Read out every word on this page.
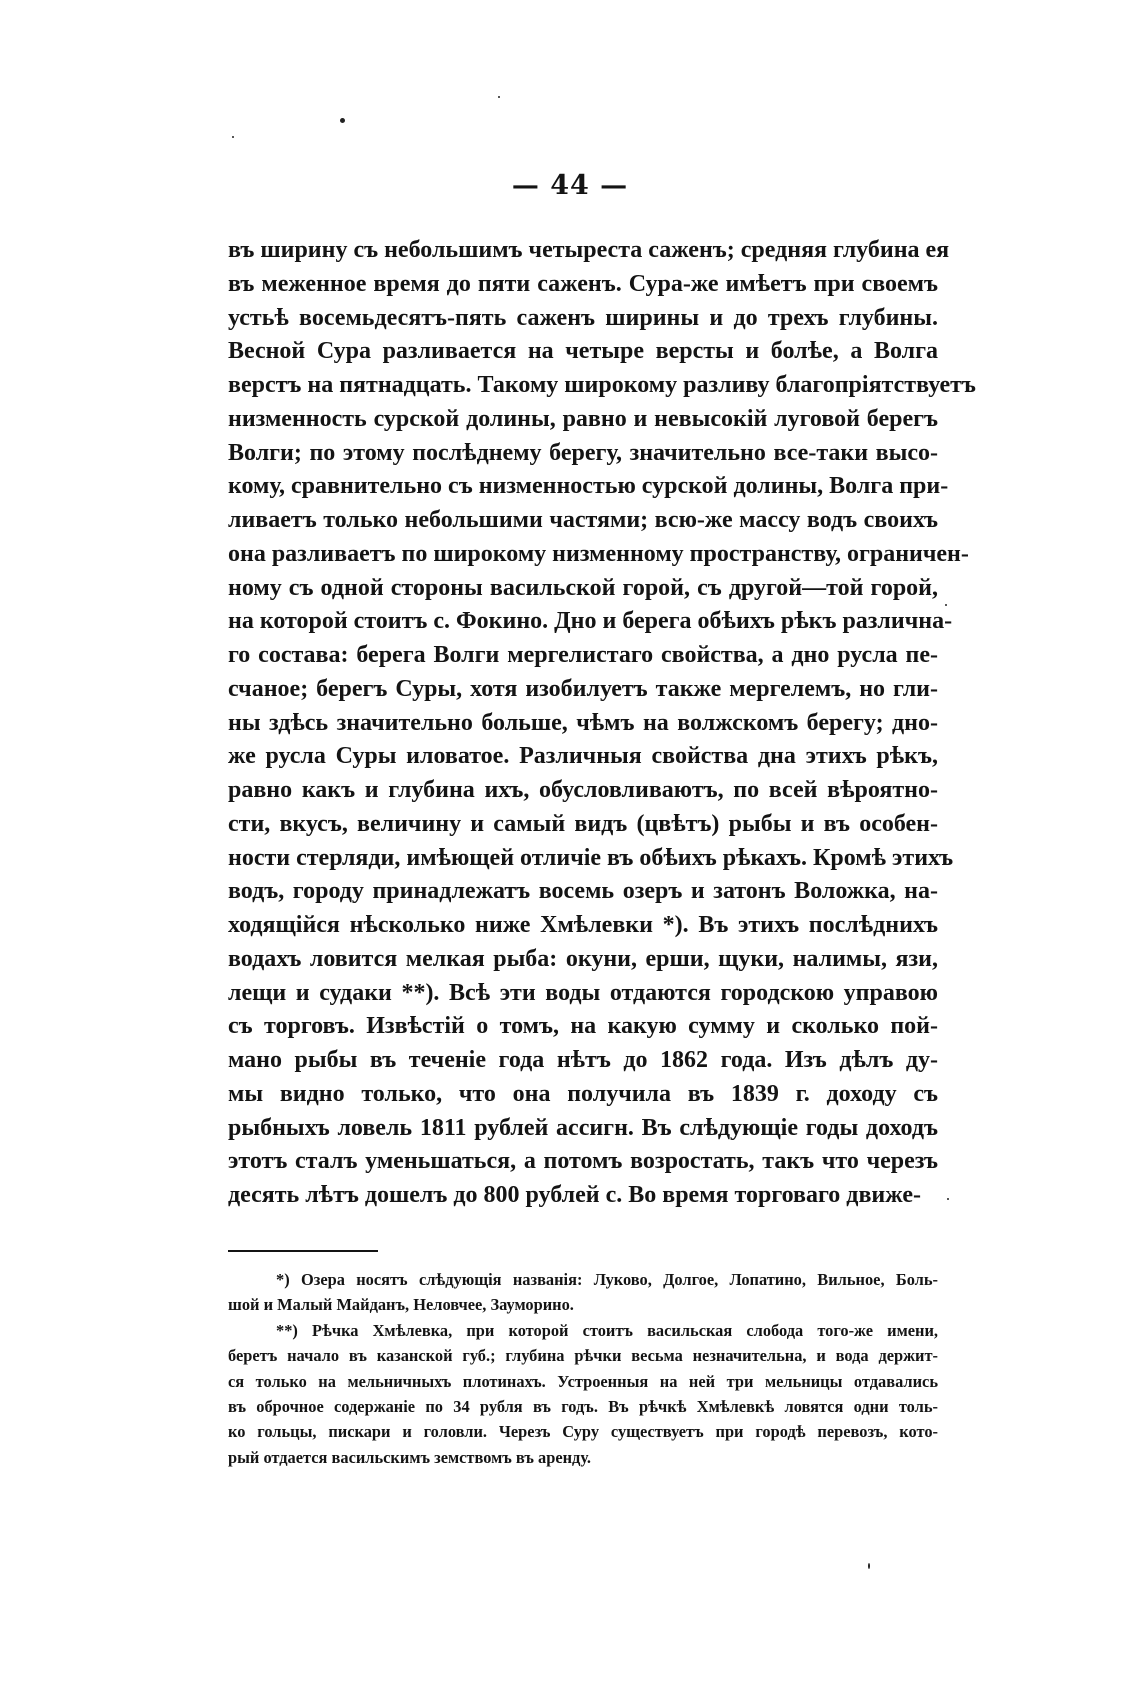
— 44 —
въ ширину съ небольшимъ четыреста саженъ; средняя глубина ея
въ меженное время до пяти саженъ. Сура-же имѣетъ при своемъ
устьѣ восемьдесятъ-пять саженъ ширины и до трехъ глубины.
Весной Сура разливается на четыре версты и болѣе, а Волга
верстъ на пятнадцать. Такому широкому разливу благопріятствуетъ
низменность сурской долины, равно и невысокій луговой берегъ
Волги; по этому послѣднему берегу, значительно все-таки высо-
кому, сравнительно съ низменностью сурской долины, Волга при-
ливаетъ только небольшими частями; всю-же массу водъ своихъ
она разливаетъ по широкому низменному пространству, ограничен-
ному съ одной стороны васильской горой, съ другой—той горой,
на которой стоитъ с. Фокино. Дно и берега обѣихъ рѣкъ различна-
го состава: берега Волги мергелистаго свойства, а дно русла пе-
счаное; берегъ Суры, хотя изобилуетъ также мергелемъ, но гли-
ны здѣсь значительно больше, чѣмъ на волжскомъ берегу; дно-
же русла Суры иловатое. Различныя свойства дна этихъ рѣкъ,
равно какъ и глубина ихъ, обусловливаютъ, по всей вѣроятно-
сти, вкусъ, величину и самый видъ (цвѣтъ) рыбы и въ особен-
ности стерляди, имѣющей отличіе въ обѣихъ рѣкахъ. Кромѣ этихъ
водъ, городу принадлежатъ восемь озеръ и затонъ Воложка, на-
ходящійся нѣсколько ниже Хмѣлевки *). Въ этихъ послѣднихъ
водахъ ловится мелкая рыба: окуни, ерши, щуки, налимы, язи,
лещи и судаки **). Всѣ эти воды отдаются городскою управою
съ торговъ. Извѣстій о томъ, на какую сумму и сколько пой-
мано рыбы въ теченіе года нѣтъ до 1862 года. Изъ дѣлъ ду-
мы видно только, что она получила въ 1839 г. доходу съ
рыбныхъ ловель 1811 рублей ассигн. Въ слѣдующіе годы доходъ
этотъ сталъ уменьшаться, а потомъ возростать, такъ что черезъ
десять лѣтъ дошелъ до 800 рублей с. Во время торговаго движе-
*) Озера носятъ слѣдующія названія: Луково, Долгое, Лопатино, Вильное, Боль-
шой и Малый Майданъ, Неловчее, Зауморино.
**) Рѣчка Хмѣлевка, при которой стоитъ васильская слобода того-же имени,
беретъ начало въ казанской губ.; глубина рѣчки весьма незначительна, и вода держит-
ся только на мельничныхъ плотинахъ. Устроенныя на ней три мельницы отдавались
въ оброчное содержаніе по 34 рубля въ годъ. Въ рѣчкѣ Хмѣлевкѣ ловятся одни толь-
ко гольцы, пискари и головли. Черезъ Суру существуетъ при городѣ перевозъ, кото-
рый отдается васильскимъ земствомъ въ аренду.
